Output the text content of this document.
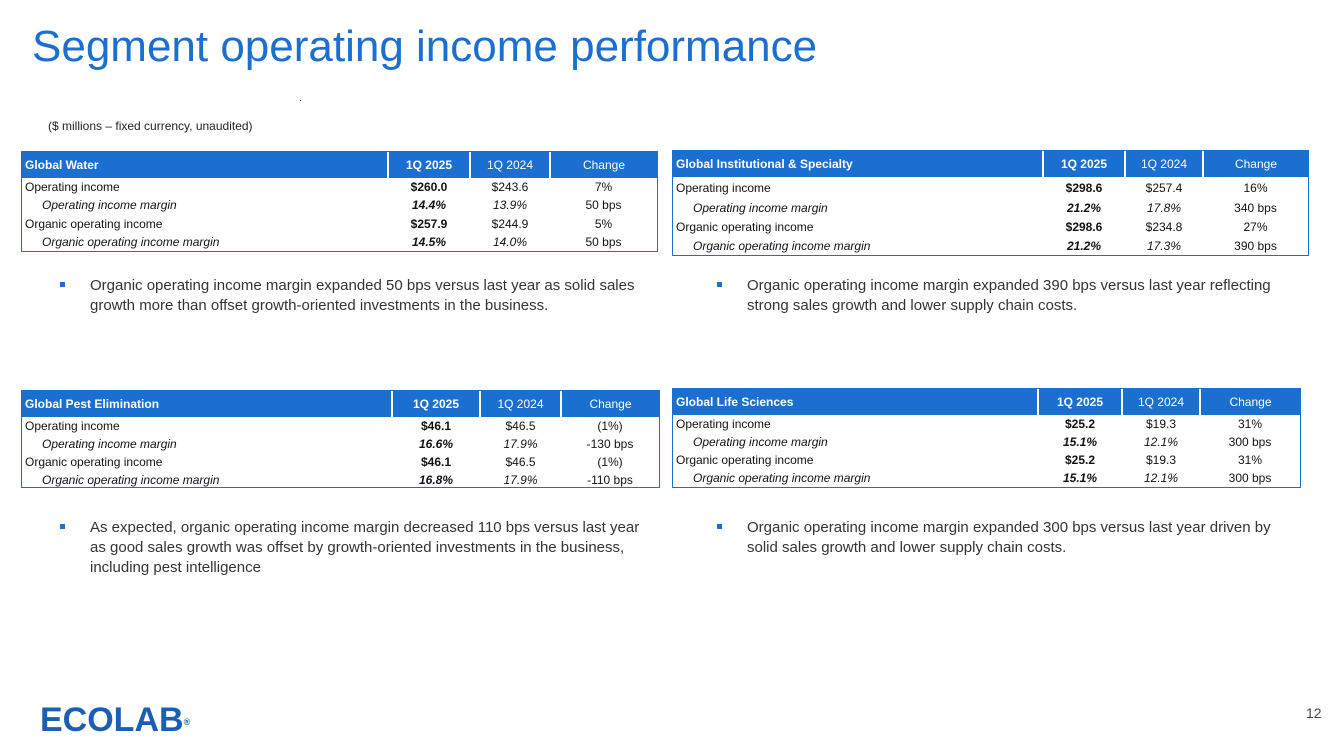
Segment operating income performance
($ millions – fixed currency, unaudited)
Global Water	1Q 2025	1Q 2024	Change
Operating income	$260.0	$243.6	7%
Operating income margin	14.4%	13.9%	50 bps
Organic operating income	$257.9	$244.9	5%
Organic operating income margin	14.5%	14.0%	50 bps
Organic operating income margin expanded 50 bps versus last year as solid sales growth more than offset growth-oriented investments in the business.
Global Institutional & Specialty	1Q 2025	1Q 2024	Change
Operating income	$298.6	$257.4	16%
Operating income margin	21.2%	17.8%	340 bps
Organic operating income	$298.6	$234.8	27%
Organic operating income margin	21.2%	17.3%	390 bps
Organic operating income margin expanded 390 bps versus last year reflecting strong sales growth and lower supply chain costs.
Global Pest Elimination	1Q 2025	1Q 2024	Change
Operating income	$46.1	$46.5	(1%)
Operating income margin	16.6%	17.9%	-130 bps
Organic operating income	$46.1	$46.5	(1%)
Organic operating income margin	16.8%	17.9%	-110 bps
As expected, organic operating income margin decreased 110 bps versus last year as good sales growth was offset by growth-oriented investments in the business, including pest intelligence
Global Life Sciences	1Q 2025	1Q 2024	Change
Operating income	$25.2	$19.3	31%
Operating income margin	15.1%	12.1%	300 bps
Organic operating income	$25.2	$19.3	31%
Organic operating income margin	15.1%	12.1%	300 bps
Organic operating income margin expanded 300 bps versus last year driven by solid sales growth and lower supply chain costs.
ECOLAB®
12
